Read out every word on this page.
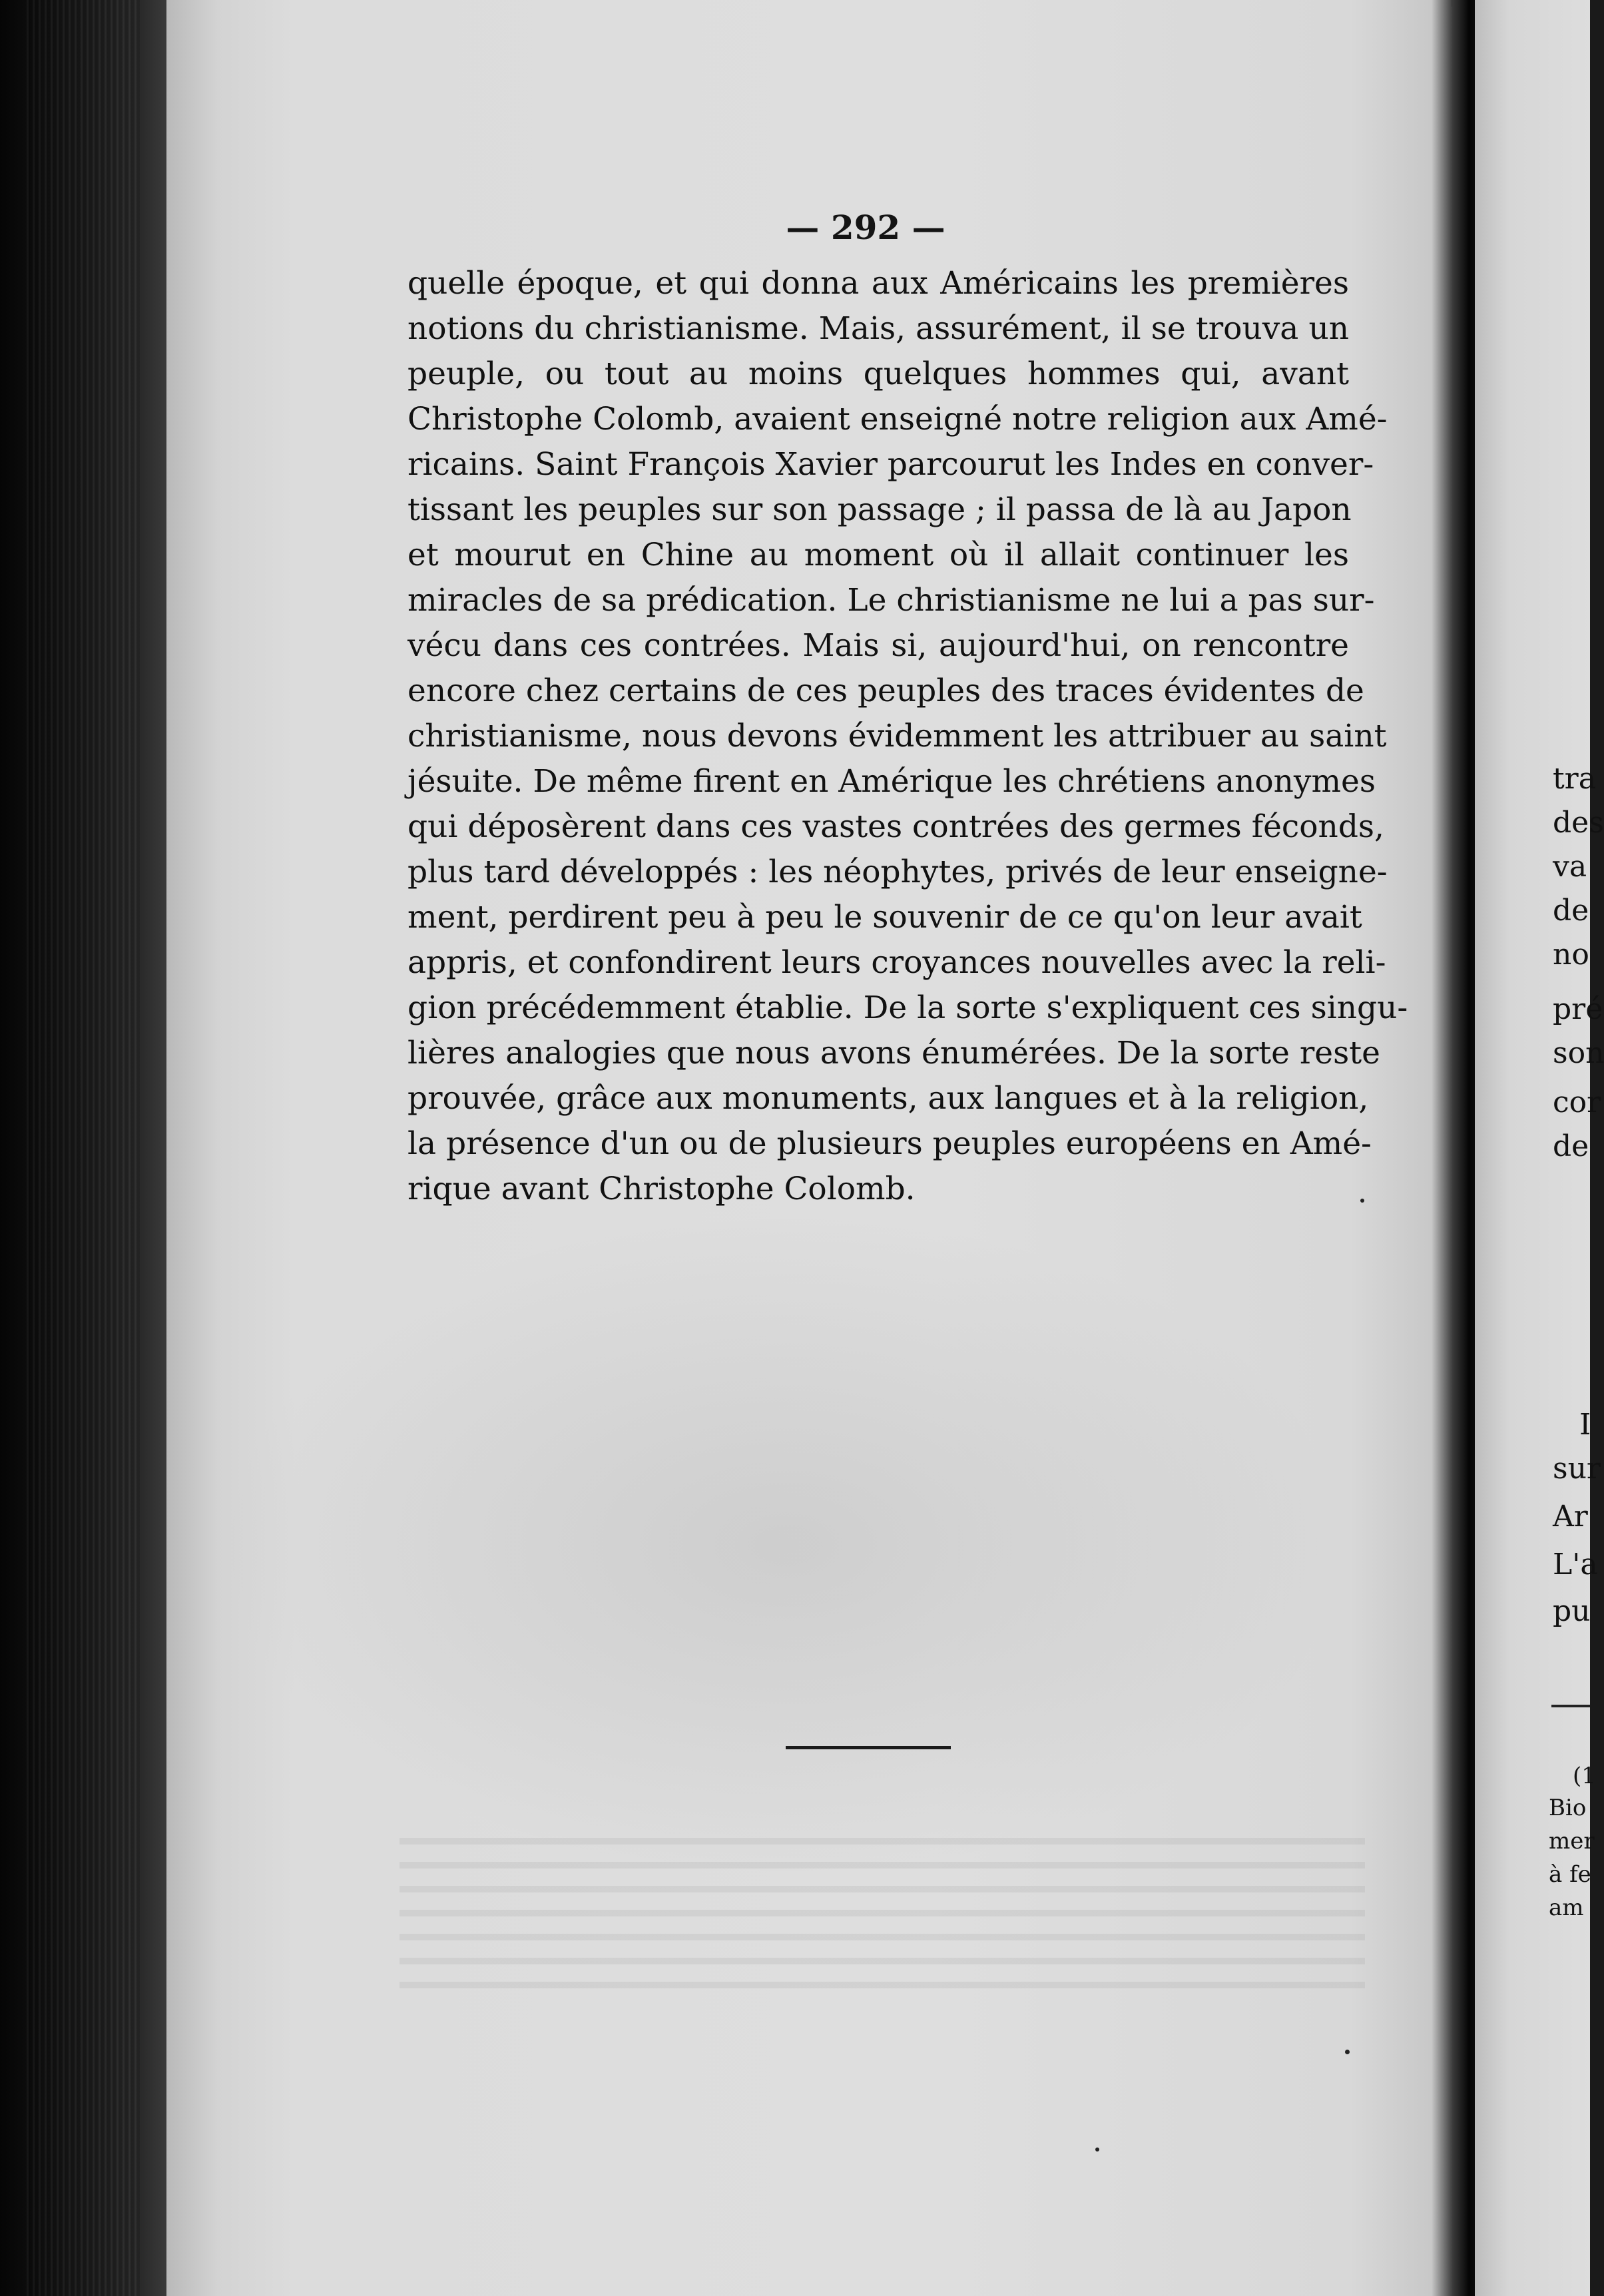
— 292 —
quelle époque, et qui donna aux Américains les premières
notions du christianisme. Mais, assurément, il se trouva un
peuple, ou tout au moins quelques hommes qui, avant
Christophe Colomb, avaient enseigné notre religion aux Amé-
ricains. Saint François Xavier parcourut les Indes en conver-
tissant les peuples sur son passage ; il passa de là au Japon
et mourut en Chine au moment où il allait continuer les
miracles de sa prédication. Le christianisme ne lui a pas sur-
vécu dans ces contrées. Mais si, aujourd'hui, on rencontre
encore chez certains de ces peuples des traces évidentes de
christianisme, nous devons évidemment les attribuer au saint
jésuite. De même firent en Amérique les chrétiens anonymes
qui déposèrent dans ces vastes contrées des germes féconds,
plus tard développés : les néophytes, privés de leur enseigne-
ment, perdirent peu à peu le souvenir de ce qu'on leur avait
appris, et confondirent leurs croyances nouvelles avec la reli-
gion précédemment établie. De la sorte s'expliquent ces singu-
lières analogies que nous avons énumérées. De la sorte reste
prouvée, grâce aux monuments, aux langues et à la religion,
la présence d'un ou de plusieurs peuples européens en Amé-
rique avant Christophe Colomb.
tra
des
va
de
no
pré
son
cor
de
I
sur
Ar
L'a
pu
(1
Bio
mer
à fe
am
